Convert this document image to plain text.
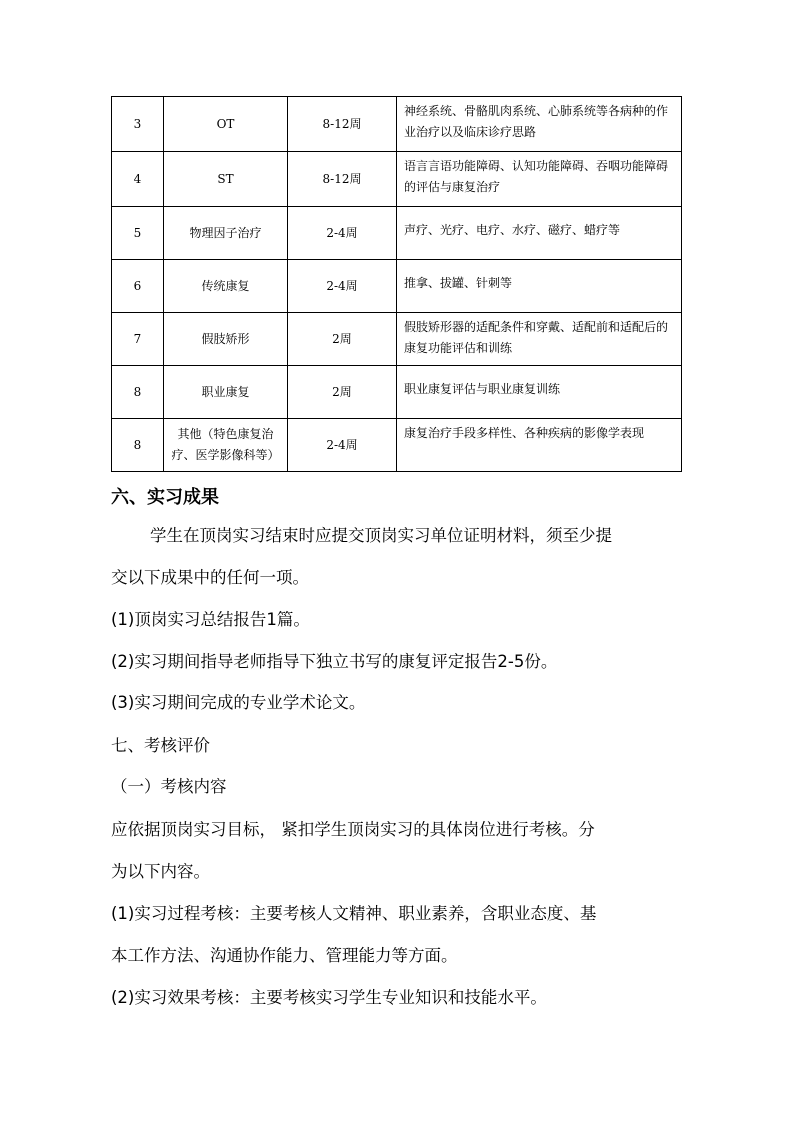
3	OT	8-12周	神经系统、骨骼肌肉系统、心肺系统等各病种的作业治疗以及临床诊疗思路
4	ST	8-12周	语言言语功能障碍、认知功能障碍、吞咽功能障碍的评估与康复治疗
5	物理因子治疗	2-4周	声疗、光疗、电疗、水疗、磁疗、蜡疗等
6	传统康复	2-4周	推拿、拔罐、针刺等
7	假肢矫形	2周	假肢矫形器的适配条件和穿戴、适配前和适配后的康复功能评估和训练
8	职业康复	2周	职业康复评估与职业康复训练
8	其他（特色康复治疗、医学影像科等）	2-4周	康复治疗手段多样性、各种疾病的影像学表现
六、实习成果
学生在顶岗实习结束时应提交顶岗实习单位证明材料，须至少提
交以下成果中的任何一项。
(1)顶岗实习总结报告1篇。
(2)实习期间指导老师指导下独立书写的康复评定报告2-5份。
(3)实习期间完成的专业学术论文。
七、考核评价
（一）考核内容
应依据顶岗实习目标， 紧扣学生顶岗实习的具体岗位进行考核。分
为以下内容。
(1)实习过程考核：主要考核人文精神、职业素养，含职业态度、基
本工作方法、沟通协作能力、管理能力等方面。
(2)实习效果考核：主要考核实习学生专业知识和技能水平。
